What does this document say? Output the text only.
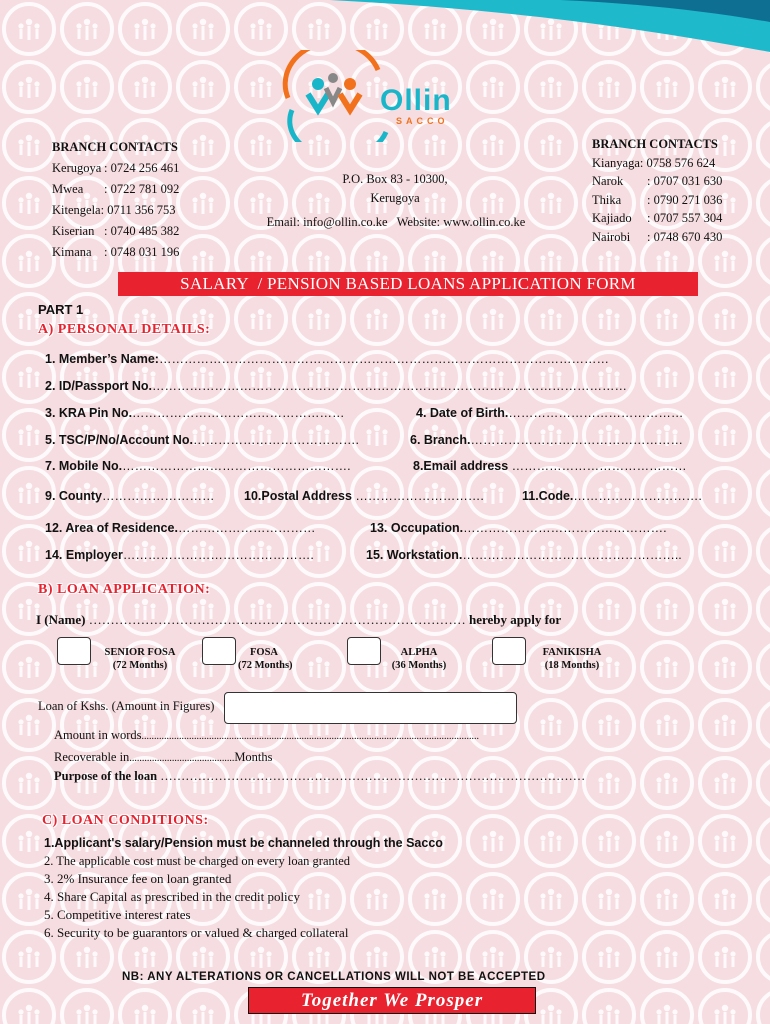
Ollin
SACCO
BRANCH CONTACTS
Kerugoya : 0724 256 461
Mwea	: 0722 781 092
Kitengela : 0711 356 753
Kiserian : 0740 485 382
Kimana : 0748 031 196
P.O. Box 83 - 10300,
Kerugoya
Email: info@ollin.co.ke   Website: www.ollin.co.ke
BRANCH CONTACTS
Kianyaga : 0758 576 624
Narok	: 0707 031 630
Thika	: 0790 271 036
Kajiado	: 0707 557 304
Nairobi	: 0748 670 430
SALARY  / PENSION BASED LOANS APPLICATION FORM
PART 1
A) PERSONAL DETAILS:
1. Member’s Name:………………………………………………………………………………………………
2. ID/Passport No.……………………………………………………………………………………………………
3. KRA Pin No.……………………………………………	4. Date of Birth.……………………………………
5. TSC/P/No/Account No.………………………………….	6. Branch.……………………………………………
7. Mobile No.……………………………………………….	8.Email address ……………………………………
9. County……………………… 10.Postal Address ………………………….	11.Code.………………………….
12. Area of Residence.……………………………	13. Occupation.………………………………………….
14. Employer……………………………………….	15. Workstation.……………………………………………..
B) LOAN APPLICATION:
I (Name) …………………………………………………………………………… hereby apply for
SENIOR FOSA
(72 Months)
FOSA
(72 Months)
ALPHA
(36 Months)
FANIKISHA
(18 Months)
Loan of Kshs. (Amount in Figures)
Amount in words.......................................................................................................................................
Recoverable in..........................................Months
Purpose of the loan …………………………………………………………………………………………
C) LOAN CONDITIONS:
1.Applicant's salary/Pension must be channeled through the Sacco
2. The applicable cost must be charged on every loan granted
3. 2% Insurance fee on loan granted
4. Share Capital as prescribed in the credit policy
5. Competitive interest rates
6. Security to be guarantors or valued & charged collateral
NB: ANY ALTERATIONS OR CANCELLATIONS WILL NOT BE ACCEPTED
Together We Prosper
